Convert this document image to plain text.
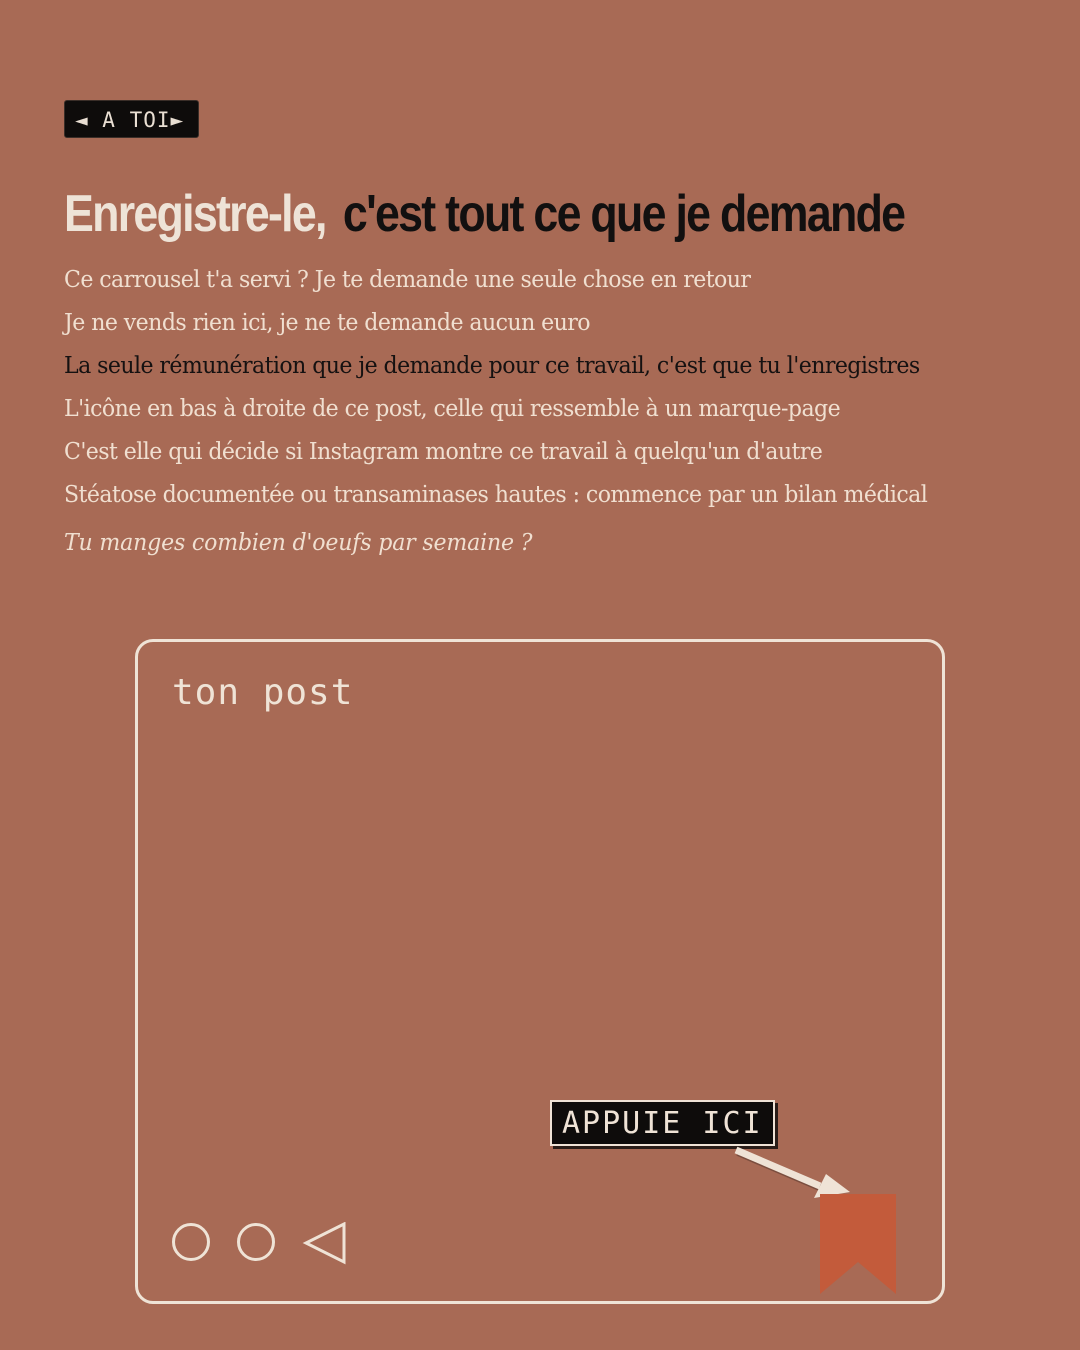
◄ A TOI►
Enregistre-le, c'est tout ce que je demande
Ce carrousel t'a servi ? Je te demande une seule chose en retour
Je ne vends rien ici, je ne te demande aucun euro
La seule rémunération que je demande pour ce travail, c'est que tu l'enregistres
L'icône en bas à droite de ce post, celle qui ressemble à un marque-page
C'est elle qui décide si Instagram montre ce travail à quelqu'un d'autre
Stéatose documentée ou transaminases hautes : commence par un bilan médical
Tu manges combien d'oeufs par semaine ?
ton post
APPUIE ICI
